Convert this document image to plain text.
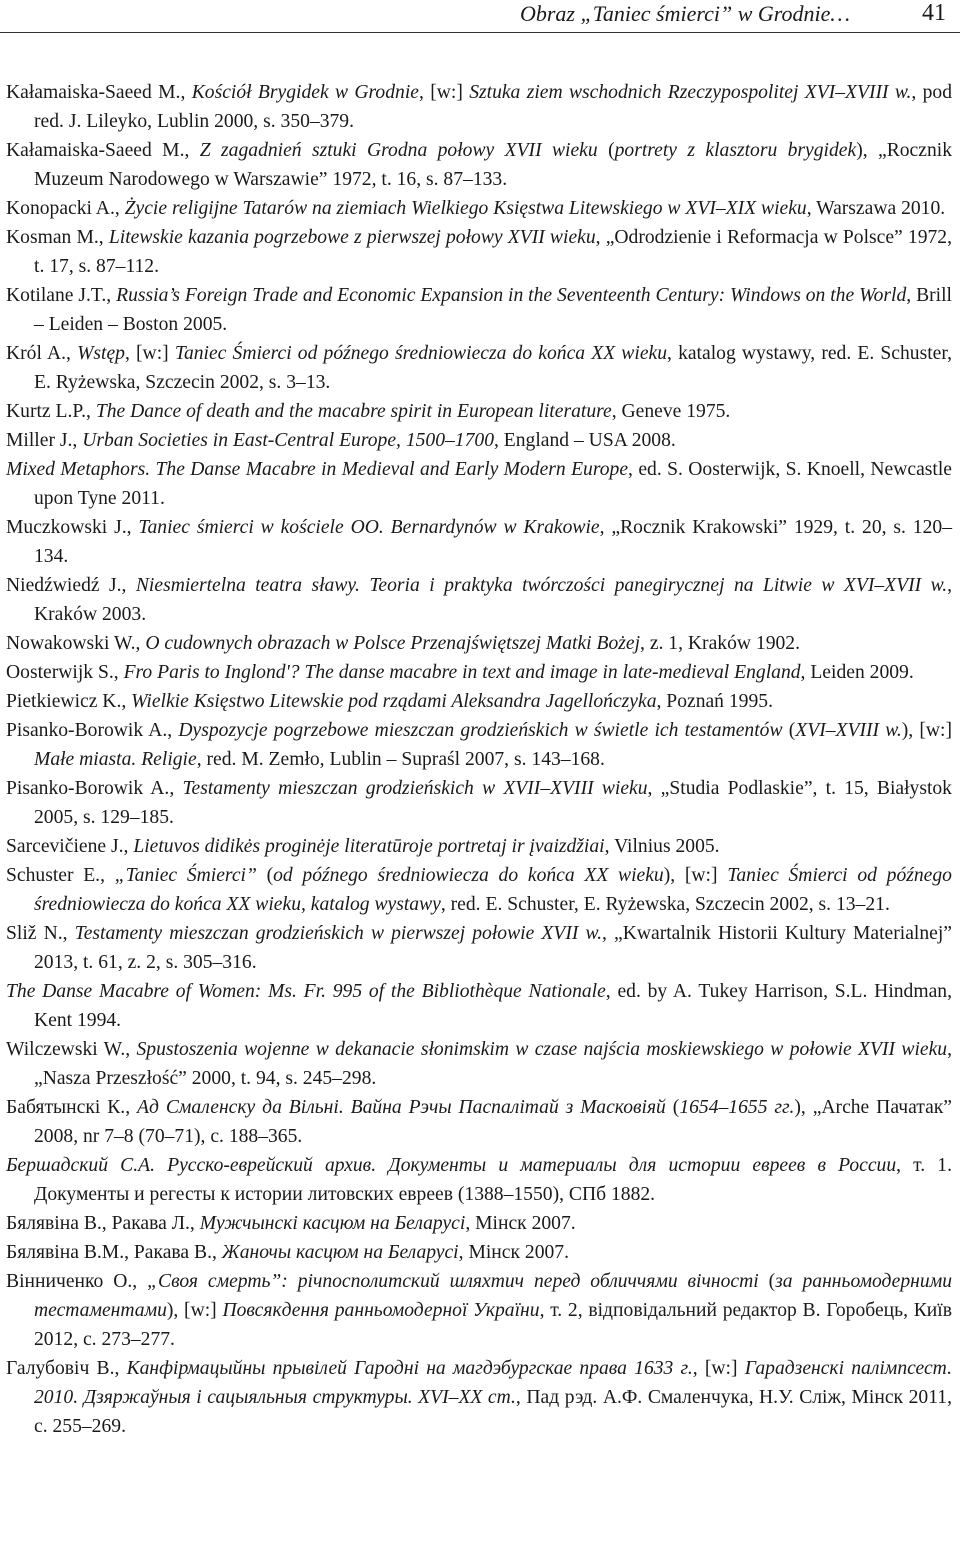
Obraz „Taniec śmierci” w Grodnie…	41

Kałamaiska-Saeed M., Kościół Brygidek w Grodnie, [w:] Sztuka ziem wschodnich Rzeczypospolitej XVI–XVIII w., pod red. J. Lileyko, Lublin 2000, s. 350–379.

Kałamaiska-Saeed M., Z zagadnień sztuki Grodna połowy XVII wieku (portrety z klasztoru brygidek), „Rocznik Muzeum Narodowego w Warszawie” 1972, t. 16, s. 87–133.

Konopacki A., Życie religijne Tatarów na ziemiach Wielkiego Księstwa Litewskiego w XVI–XIX wieku, Warszawa 2010.

Kosman M., Litewskie kazania pogrzebowe z pierwszej połowy XVII wieku, „Odrodzienie i Reformacja w Polsce” 1972, t. 17, s. 87–112.

Kotilane J.T., Russia’s Foreign Trade and Economic Expansion in the Seventeenth Century: Windows on the World, Brill – Leiden – Boston 2005.

Król A., Wstęp, [w:] Taniec Śmierci od późnego średniowiecza do końca XX wieku, katalog wystawy, red. E. Schuster, E. Ryżewska, Szczecin 2002, s. 3–13.

Kurtz L.P., The Dance of death and the macabre spirit in European literature, Geneve 1975.

Miller J., Urban Societies in East-Central Europe, 1500–1700, England – USA 2008.

Mixed Metaphors. The Danse Macabre in Medieval and Early Modern Europe, ed. S. Oosterwijk, S. Knoell, Newcastle upon Tyne 2011.

Muczkowski J., Taniec śmierci w kościele OO. Bernardynów w Krakowie, „Rocznik Krakowski” 1929, t. 20, s. 120–134.

Niedźwiedź J., Niesmiertelna teatra sławy. Teoria i praktyka twórczości panegirycznej na Litwie w XVI–XVII w., Kraków 2003.

Nowakowski W., O cudownych obrazach w Polsce Przenajświętszej Matki Bożej, z. 1, Kraków 1902.

Oosterwijk S., Fro Paris to Inglond'? The danse macabre in text and image in late-medieval England, Leiden 2009.

Pietkiewicz K., Wielkie Księstwo Litewskie pod rządami Aleksandra Jagellończyka, Poznań 1995.

Pisanko-Borowik A., Dyspozycje pogrzebowe mieszczan grodzieńskich w świetle ich testamentów (XVI–XVIII w.), [w:] Małe miasta. Religie, red. M. Zemło, Lublin – Supraśl 2007, s. 143–168.

Pisanko-Borowik A., Testamenty mieszczan grodzieńskich w XVII–XVIII wieku, „Studia Podlaskie”, t. 15, Białystok 2005, s. 129–185.

Sarcevičiene J., Lietuvos didikės proginėje literatūroje portretaj ir įvaizdžiai, Vilnius 2005.

Schuster E., „Taniec Śmierci” (od późnego średniowiecza do końca XX wieku), [w:] Taniec Śmierci od późnego średniowiecza do końca XX wieku, katalog wystawy, red. E. Schuster, E. Ryżewska, Szczecin 2002, s. 13–21.

Sliž N., Testamenty mieszczan grodzieńskich w pierwszej połowie XVII w., „Kwartalnik Historii Kultury Materialnej” 2013, t. 61, z. 2, s. 305–316.

The Danse Macabre of Women: Ms. Fr. 995 of the Bibliothèque Nationale, ed. by A. Tukey Harrison, S.L. Hindman, Kent 1994.

Wilczewski W., Spustoszenia wojenne w dekanacie słonimskim w czase najścia moskiewskiego w połowie XVII wieku, „Nasza Przeszłość” 2000, t. 94, s. 245–298.

Бабятынскі К., Ад Смаленску да Вільні. Вайна Рэчы Паспалітай з Масковіяй (1654–1655 гг.), „Arche Пачатак” 2008, nr 7–8 (70–71), с. 188–365.

Бершадский С.А. Русско-еврейский архив. Документы и материалы для истории евреев в России, т. 1. Документы и регесты к истории литовских евреев (1388–1550), СПб 1882.

Бялявіна В., Ракава Л., Мужчынскі касцюм на Беларусі, Мінск 2007.

Бялявіна В.М., Ракава В., Жаночы касцюм на Беларусі, Мінск 2007.

Вінниченко О., „Своя смерть”: річпосполитский шляхтич перед обличчями вічності (за ранньомодерними тестаментами), [w:] Повсякдення ранньомодерної України, т. 2, відповідальний редактор В. Горобець, Київ 2012, с. 273–277.

Галубовіч В., Канфірмацыйны прывілей Гародні на магдэбургскае права 1633 г., [w:] Гарадзенскі палімпсест. 2010. Дзяржаўныя і сацыяльныя структуры. XVI–XX ст., Пад рэд. А.Ф. Смаленчука, Н.У. Сліж, Мінск 2011, с. 255–269.
